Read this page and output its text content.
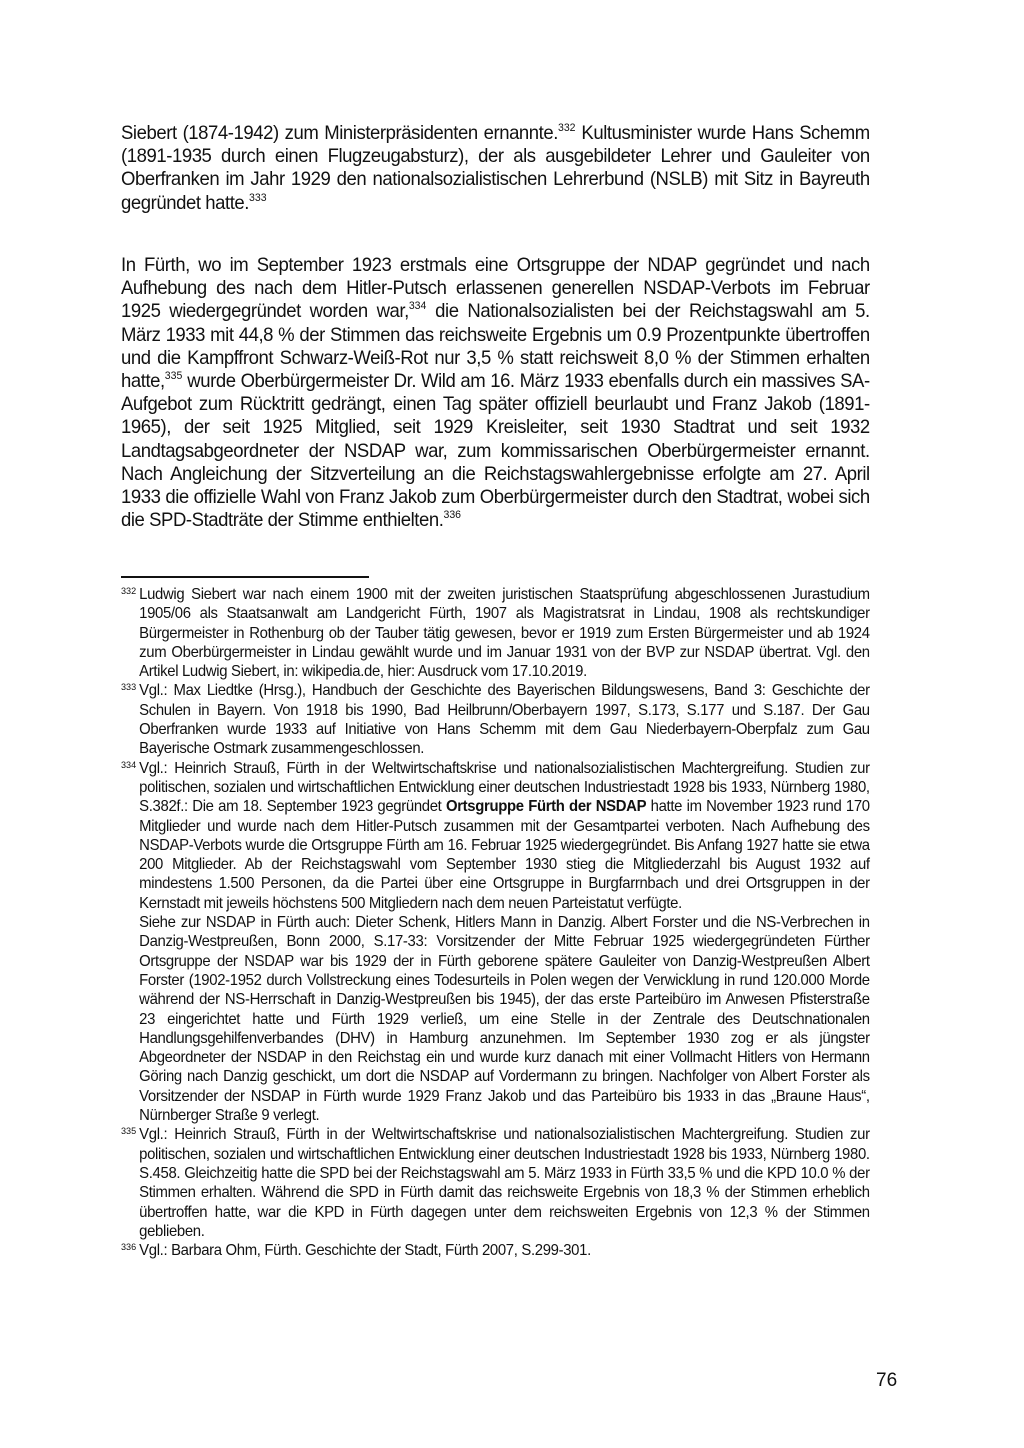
Siebert (1874-1942) zum Ministerpräsidenten ernannte.$^{332}$ Kultusminister wurde Hans Schemm (1891-1935 durch einen Flugzeugabsturz), der als ausgebildeter Lehrer und Gauleiter von Oberfranken im Jahr 1929 den nationalsozialistischen Lehrerbund (NSLB) mit Sitz in Bayreuth gegründet hatte.$^{333}$

In Fürth, wo im September 1923 erstmals eine Ortsgruppe der NDAP gegründet und nach Aufhebung des nach dem Hitler-Putsch erlassenen generellen NSDAP-Verbots im Februar 1925 wiedergegründet worden war,$^{334}$ die Nationalsozialisten bei der Reichstagswahl am 5. März 1933 mit 44,8 % der Stimmen das reichsweite Ergebnis um 0.9 Prozentpunkte übertroffen und die Kampffront Schwarz-Weiß-Rot nur 3,5 % statt reichsweit 8,0 % der Stimmen erhalten hatte,$^{335}$ wurde Oberbürgermeister Dr. Wild am 16. März 1933 ebenfalls durch ein massives SA-Aufgebot zum Rücktritt gedrängt, einen Tag später offiziell beurlaubt und Franz Jakob (1891-1965), der seit 1925 Mitglied, seit 1929 Kreisleiter, seit 1930 Stadtrat und seit 1932 Landtagsabgeordneter der NSDAP war, zum kommissarischen Oberbürgermeister ernannt. Nach Angleichung der Sitzverteilung an die Reichstagswahlergebnisse erfolgte am 27. April 1933 die offizielle Wahl von Franz Jakob zum Oberbürgermeister durch den Stadtrat, wobei sich die SPD-Stadträte der Stimme enthielten.$^{336}$

332 Ludwig Siebert war nach einem 1900 mit der zweiten juristischen Staatsprüfung abgeschlossenen Jurastudium 1905/06 als Staatsanwalt am Landgericht Fürth, 1907 als Magistratsrat in Lindau, 1908 als rechtskundiger Bürgermeister in Rothenburg ob der Tauber tätig gewesen, bevor er 1919 zum Ersten Bürgermeister und ab 1924 zum Oberbürgermeister in Lindau gewählt wurde und im Januar 1931 von der BVP zur NSDAP übertrat. Vgl. den Artikel Ludwig Siebert, in: wikipedia.de, hier: Ausdruck vom 17.10.2019.

333 Vgl.: Max Liedtke (Hrsg.), Handbuch der Geschichte des Bayerischen Bildungswesens, Band 3: Geschichte der Schulen in Bayern. Von 1918 bis 1990, Bad Heilbrunn/Oberbayern 1997, S.173, S.177 und S.187. Der Gau Oberfranken wurde 1933 auf Initiative von Hans Schemm mit dem Gau Niederbayern-Oberpfalz zum Gau Bayerische Ostmark zusammengeschlossen.

334 Vgl.: Heinrich Strauß, Fürth in der Weltwirtschaftskrise und nationalsozialistischen Machtergreifung. Studien zur politischen, sozialen und wirtschaftlichen Entwicklung einer deutschen Industriestadt 1928 bis 1933, Nürnberg 1980, S.382f.: Die am 18. September 1923 gegründet Ortsgruppe Fürth der NSDAP hatte im November 1923 rund 170 Mitglieder und wurde nach dem Hitler-Putsch zusammen mit der Gesamtpartei verboten. Nach Aufhebung des NSDAP-Verbots wurde die Ortsgruppe Fürth am 16. Februar 1925 wiedergegründet. Bis Anfang 1927 hatte sie etwa 200 Mitglieder. Ab der Reichstagswahl vom September 1930 stieg die Mitgliederzahl bis August 1932 auf mindestens 1.500 Personen, da die Partei über eine Ortsgruppe in Burgfarrnbach und drei Ortsgruppen in der Kernstadt mit jeweils höchstens 500 Mitgliedern nach dem neuen Parteistatut verfügte.

Siehe zur NSDAP in Fürth auch: Dieter Schenk, Hitlers Mann in Danzig. Albert Forster und die NS-Verbrechen in Danzig-Westpreußen, Bonn 2000, S.17-33: Vorsitzender der Mitte Februar 1925 wiedergegründeten Fürther Ortsgruppe der NSDAP war bis 1929 der in Fürth geborene spätere Gauleiter von Danzig-Westpreußen Albert Forster (1902-1952 durch Vollstreckung eines Todesurteils in Polen wegen der Verwicklung in rund 120.000 Morde während der NS-Herrschaft in Danzig-Westpreußen bis 1945), der das erste Parteibüro im Anwesen Pfisterstraße 23 eingerichtet hatte und Fürth 1929 verließ, um eine Stelle in der Zentrale des Deutschnationalen Handlungsgehilfenverbandes (DHV) in Hamburg anzunehmen. Im September 1930 zog er als jüngster Abgeordneter der NSDAP in den Reichstag ein und wurde kurz danach mit einer Vollmacht Hitlers von Hermann Göring nach Danzig geschickt, um dort die NSDAP auf Vordermann zu bringen. Nachfolger von Albert Forster als Vorsitzender der NSDAP in Fürth wurde 1929 Franz Jakob und das Parteibüro bis 1933 in das „Braune Haus“, Nürnberger Straße 9 verlegt.

335 Vgl.: Heinrich Strauß, Fürth in der Weltwirtschaftskrise und nationalsozialistischen Machtergreifung. Studien zur politischen, sozialen und wirtschaftlichen Entwicklung einer deutschen Industriestadt 1928 bis 1933, Nürnberg 1980. S.458. Gleichzeitig hatte die SPD bei der Reichstagswahl am 5. März 1933 in Fürth 33,5 % und die KPD 10.0 % der Stimmen erhalten. Während die SPD in Fürth damit das reichsweite Ergebnis von 18,3 % der Stimmen erheblich übertroffen hatte, war die KPD in Fürth dagegen unter dem reichsweiten Ergebnis von 12,3 % der Stimmen geblieben.

336 Vgl.: Barbara Ohm, Fürth. Geschichte der Stadt, Fürth 2007, S.299-301.

76
